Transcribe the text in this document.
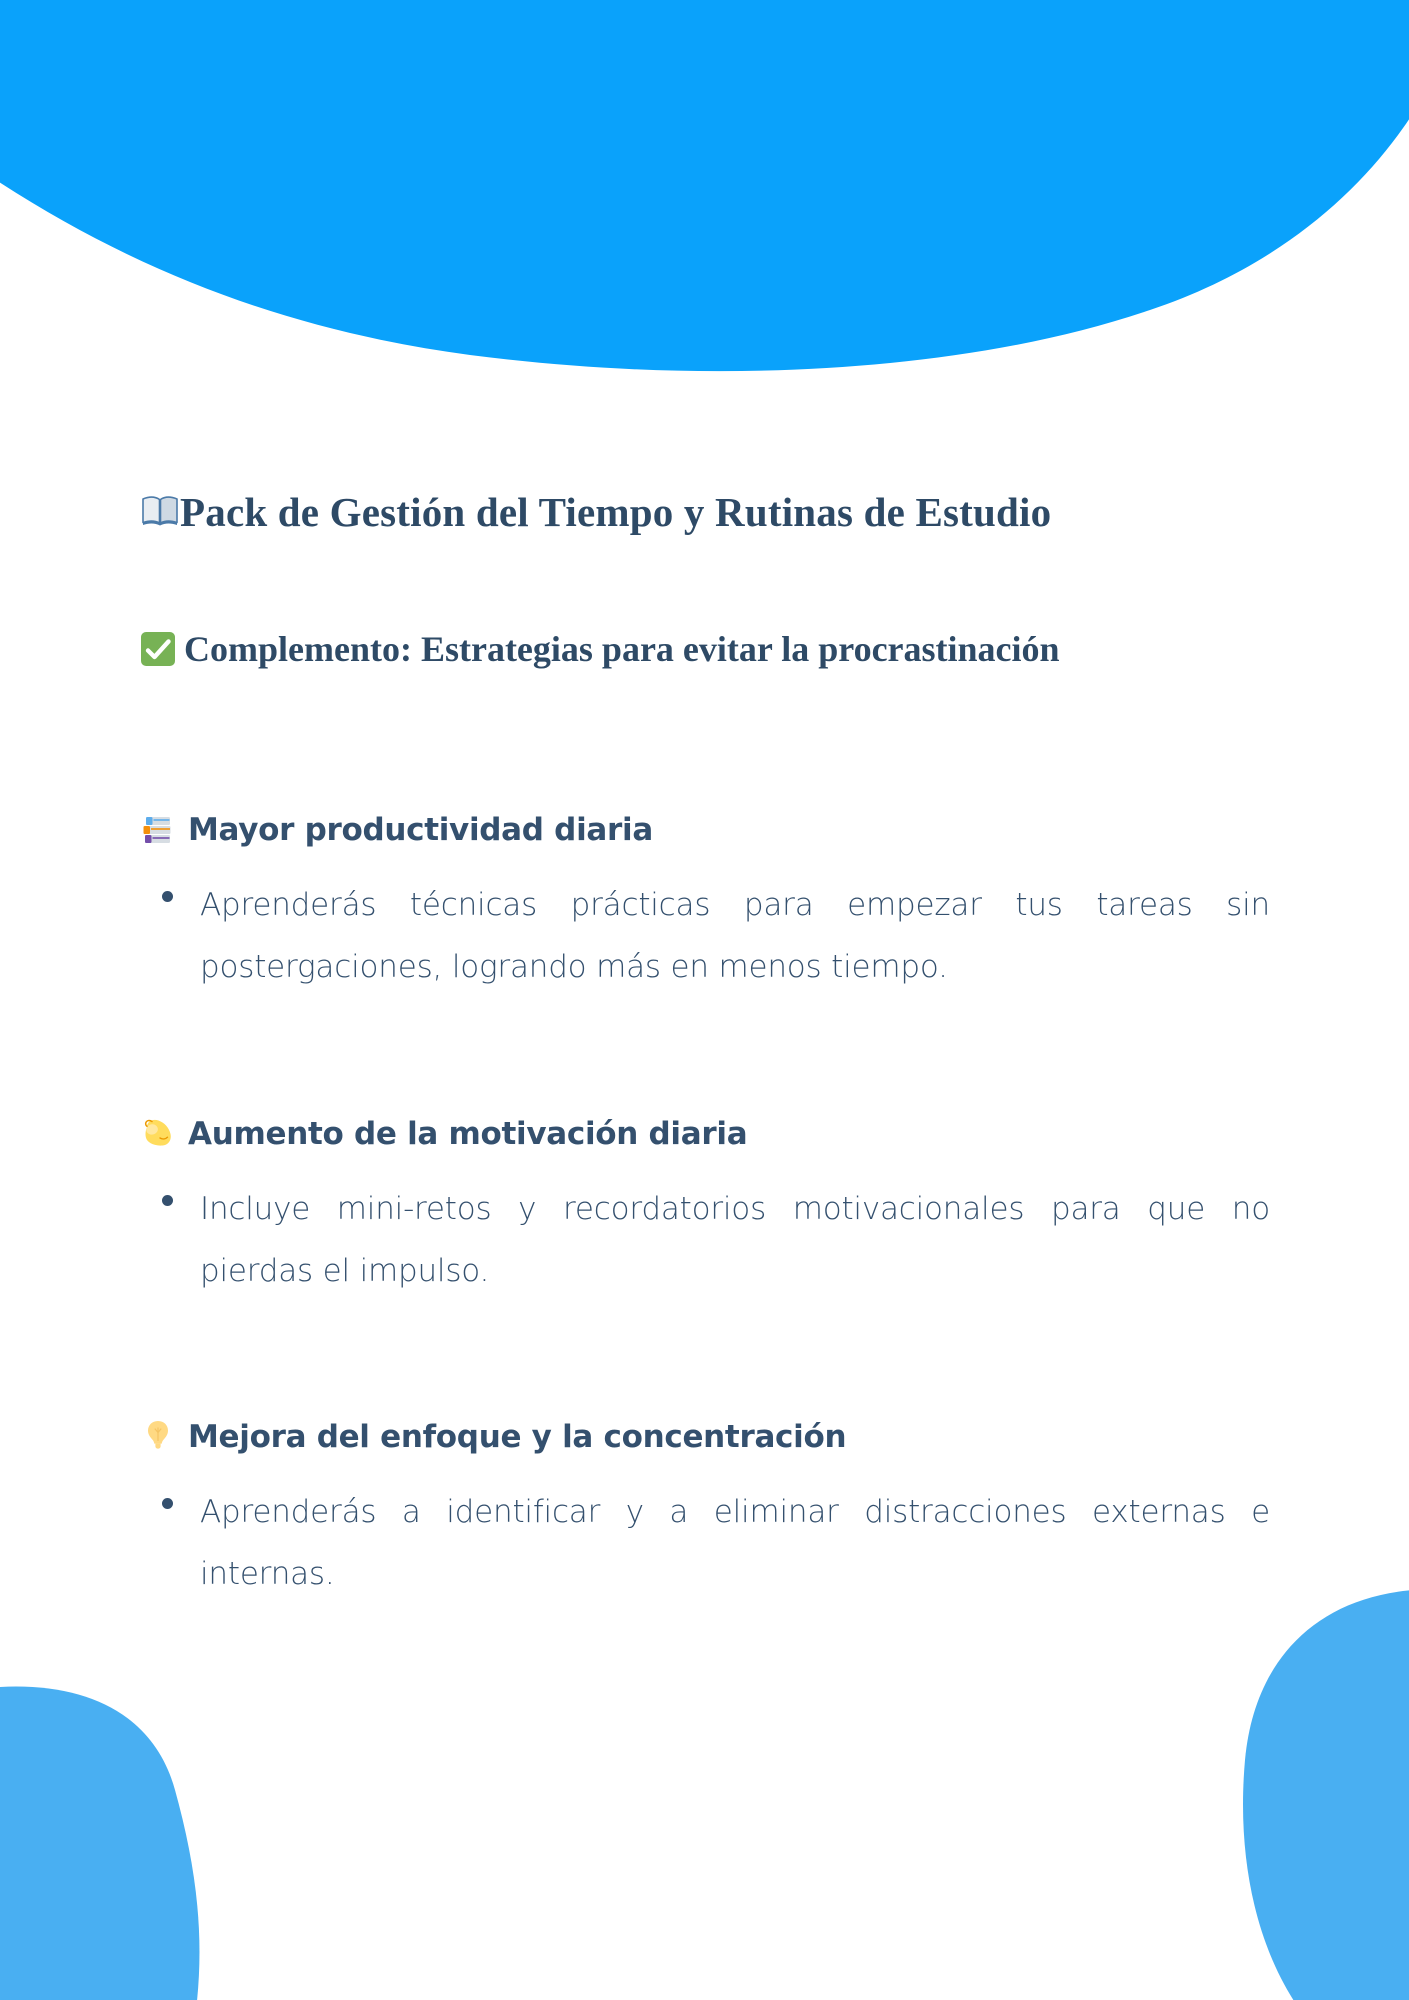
Pack de Gestión del Tiempo y Rutinas de Estudio
Complemento: Estrategias para evitar la procrastinación
Mayor productividad diaria
Aprenderás técnicas prácticas para empezar tus tareas sin postergaciones, logrando más en menos tiempo.
Aumento de la motivación diaria
Incluye mini-retos y recordatorios motivacionales para que no pierdas el impulso.
Mejora del enfoque y la concentración
Aprenderás a identificar y a eliminar distracciones externas e internas.
